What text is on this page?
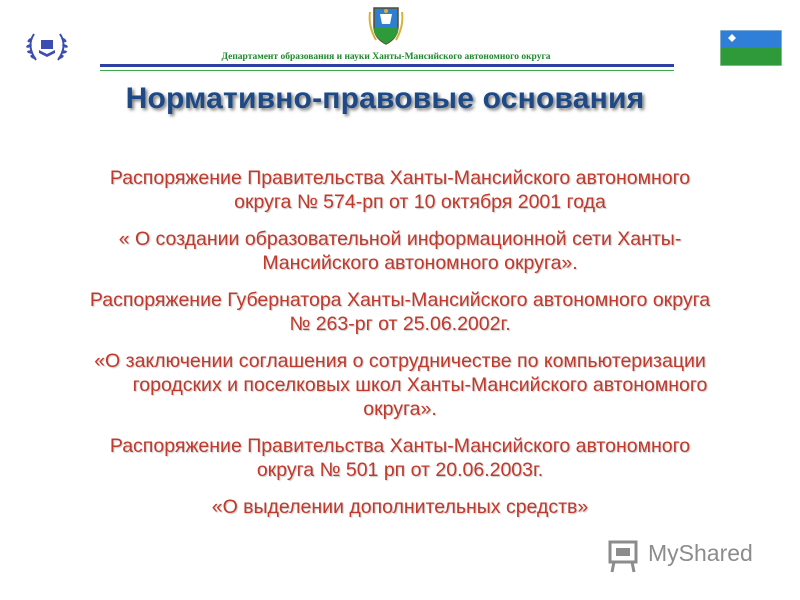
Департамент образования и науки Ханты-Мансийского автономного округа
Нормативно-правовые основания

Распоряжение Правительства Ханты-Мансийского автономного
округа № 574-рп от 10 октября 2001 года

« О создании образовательной информационной сети Ханты-
Мансийского автономного округа».

Распоряжение Губернатора Ханты-Мансийского автономного округа
№ 263-рг от 25.06.2002г.

«О заключении соглашения о сотрудничестве по компьютеризации
городских и поселковых школ Ханты-Мансийского автономного
округа».

Распоряжение Правительства Ханты-Мансийского автономного
округа № 501 рп от 20.06.2003г.

«О выделении дополнительных средств»

MyShared
